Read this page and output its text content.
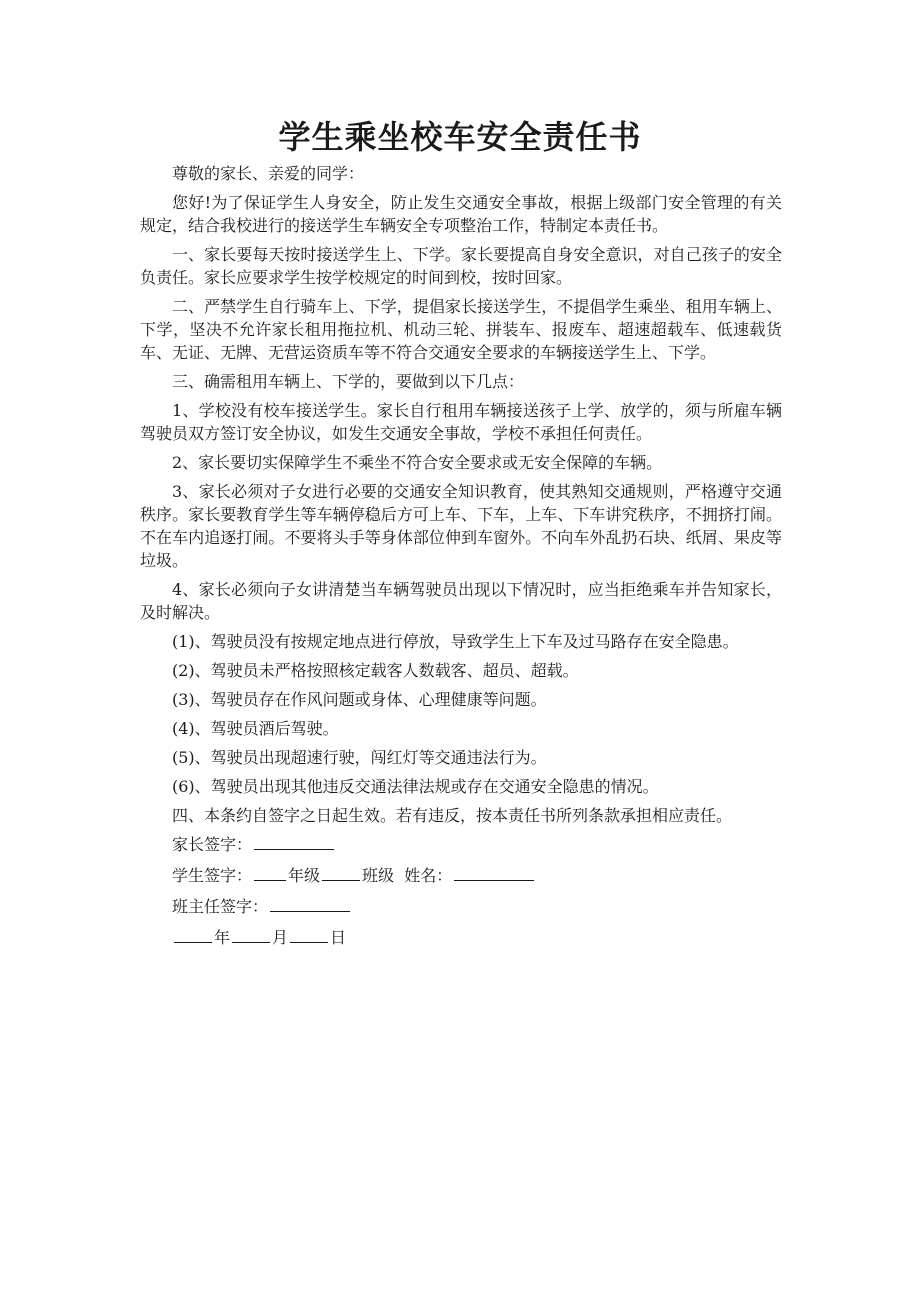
学生乘坐校车安全责任书

尊敬的家长、亲爱的同学：

您好!为了保证学生人身安全，防止发生交通安全事故，根据上级部门安全管理的有关规定，结合我校进行的接送学生车辆安全专项整治工作，特制定本责任书。

一、家长要每天按时接送学生上、下学。家长要提高自身安全意识，对自己孩子的安全负责任。家长应要求学生按学校规定的时间到校，按时回家。

二、严禁学生自行骑车上、下学，提倡家长接送学生，不提倡学生乘坐、租用车辆上、下学，坚决不允许家长租用拖拉机、机动三轮、拼装车、报废车、超速超载车、低速载货车、无证、无牌、无营运资质车等不符合交通安全要求的车辆接送学生上、下学。

三、确需租用车辆上、下学的，要做到以下几点：

1、学校没有校车接送学生。家长自行租用车辆接送孩子上学、放学的，须与所雇车辆驾驶员双方签订安全协议，如发生交通安全事故，学校不承担任何责任。

2、家长要切实保障学生不乘坐不符合安全要求或无安全保障的车辆。

3、家长必须对子女进行必要的交通安全知识教育，使其熟知交通规则，严格遵守交通秩序。家长要教育学生等车辆停稳后方可上车、下车，上车、下车讲究秩序，不拥挤打闹。不在车内追逐打闹。不要将头手等身体部位伸到车窗外。不向车外乱扔石块、纸屑、果皮等垃圾。

4、家长必须向子女讲清楚当车辆驾驶员出现以下情况时，应当拒绝乘车并告知家长，及时解决。

(1)、驾驶员没有按规定地点进行停放，导致学生上下车及过马路存在安全隐患。

(2)、驾驶员未严格按照核定载客人数载客、超员、超载。

(3)、驾驶员存在作风问题或身体、心理健康等问题。

(4)、驾驶员酒后驾驶。

(5)、驾驶员出现超速行驶，闯红灯等交通违法行为。

(6)、驾驶员出现其他违反交通法律法规或存在交通安全隐患的情况。

四、本条约自签字之日起生效。若有违反，按本责任书所列条款承担相应责任。

家长签字：
学生签字： 年级	班级 姓名：
班主任签字：
年	月	日
